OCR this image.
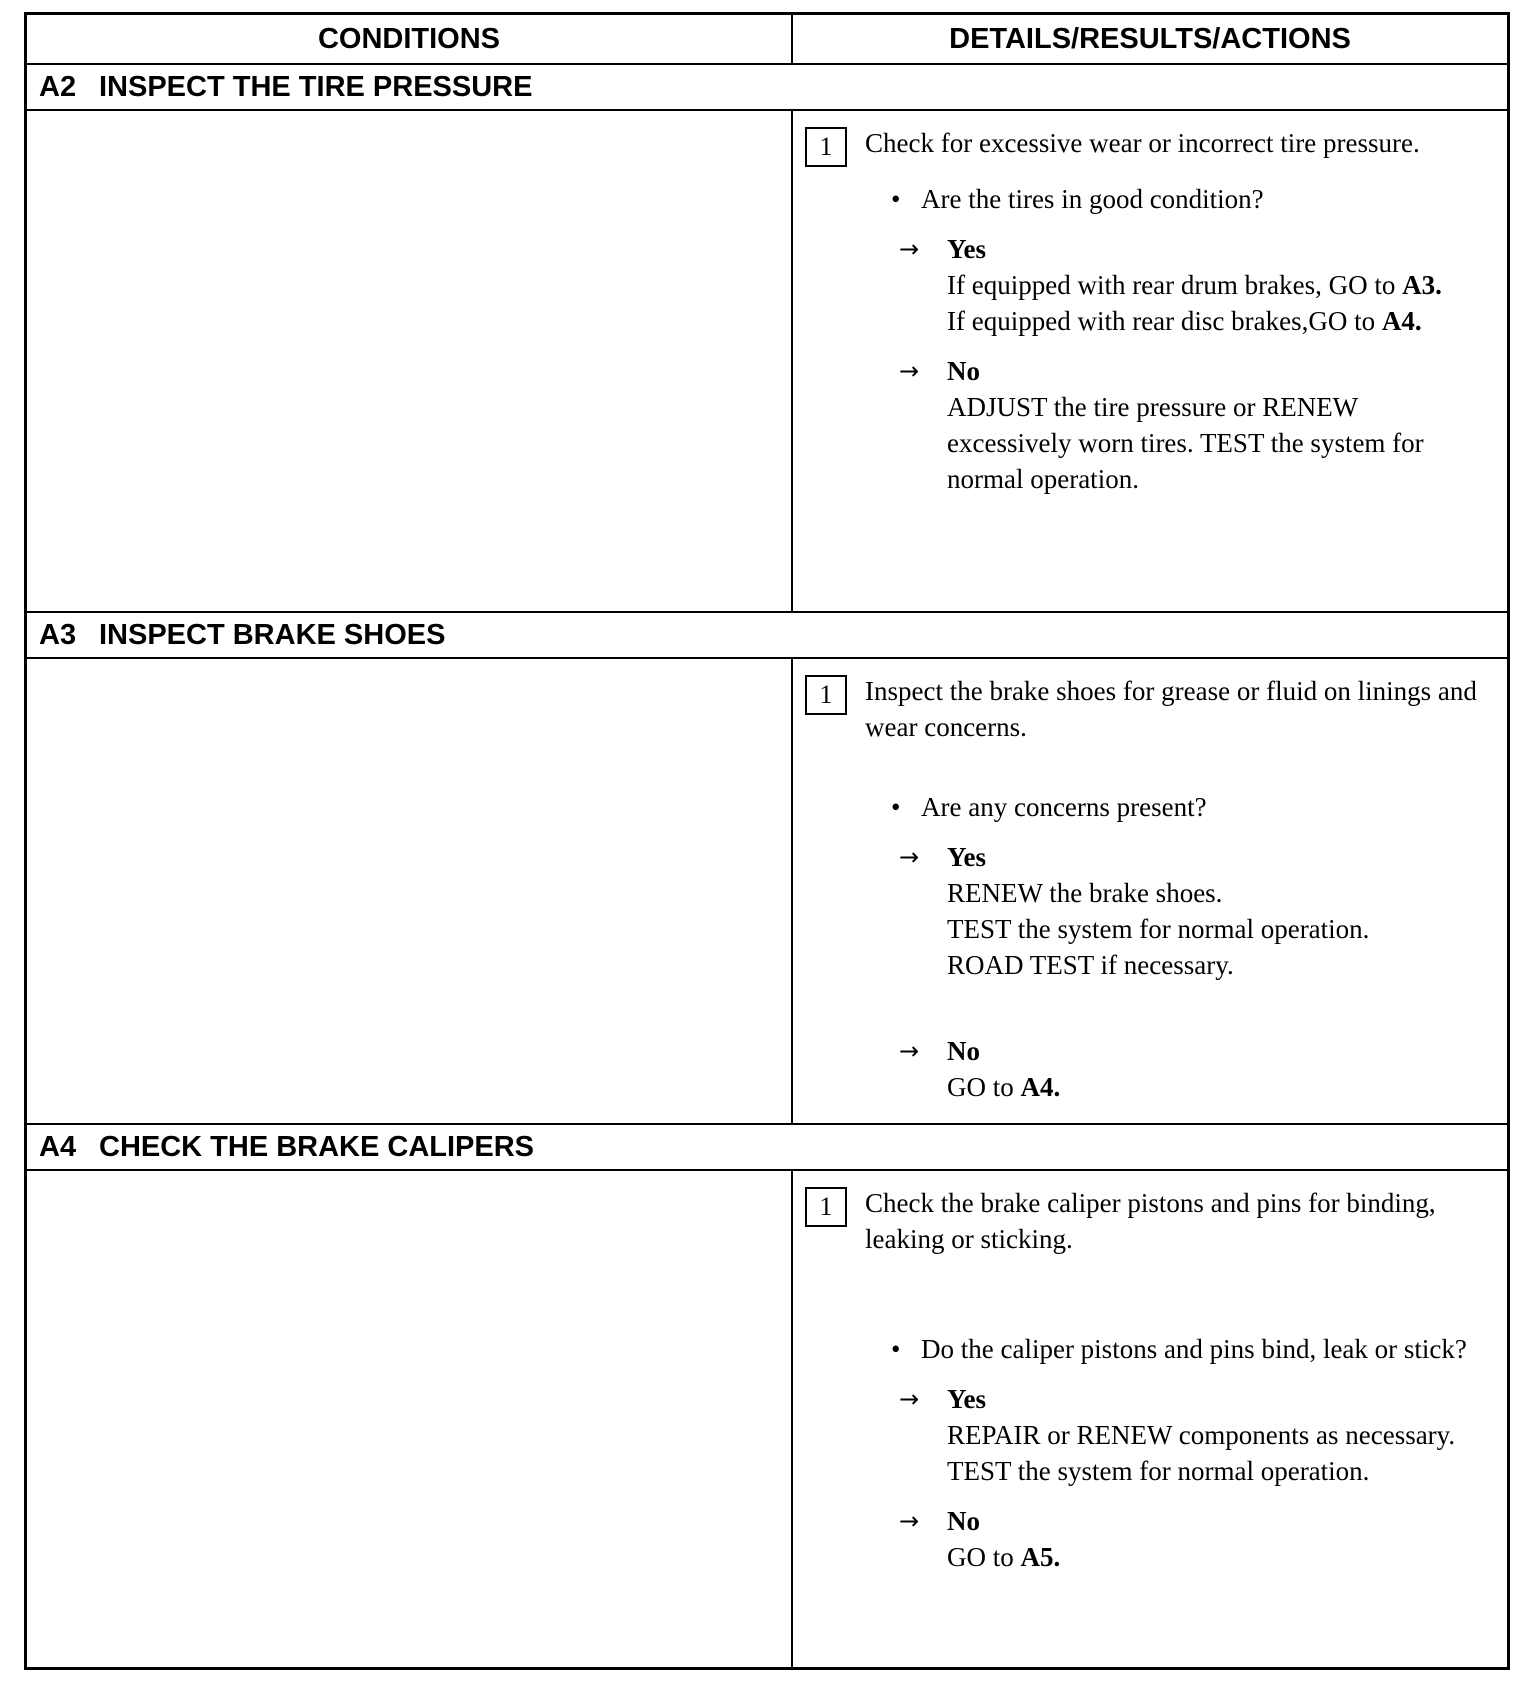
CONDITIONS	DETAILS/RESULTS/ACTIONS
A2 INSPECT THE TIRE PRESSURE
1	Check for excessive wear or incorrect tire pressure.
• Are the tires in good condition?
→	Yes
If equipped with rear drum brakes, GO to A3.
If equipped with rear disc brakes,GO to A4.
→	No
ADJUST the tire pressure or RENEW excessively worn tires. TEST the system for normal operation.
A3 INSPECT BRAKE SHOES
1	Inspect the brake shoes for grease or fluid on linings and wear concerns.
• Are any concerns present?
→	Yes
RENEW the brake shoes.
TEST the system for normal operation.
ROAD TEST if necessary.
→	No
GO to A4.
A4 CHECK THE BRAKE CALIPERS
1	Check the brake caliper pistons and pins for binding, leaking or sticking.
• Do the caliper pistons and pins bind, leak or stick?
→	Yes
REPAIR or RENEW components as necessary. TEST the system for normal operation.
→	No
GO to A5.
